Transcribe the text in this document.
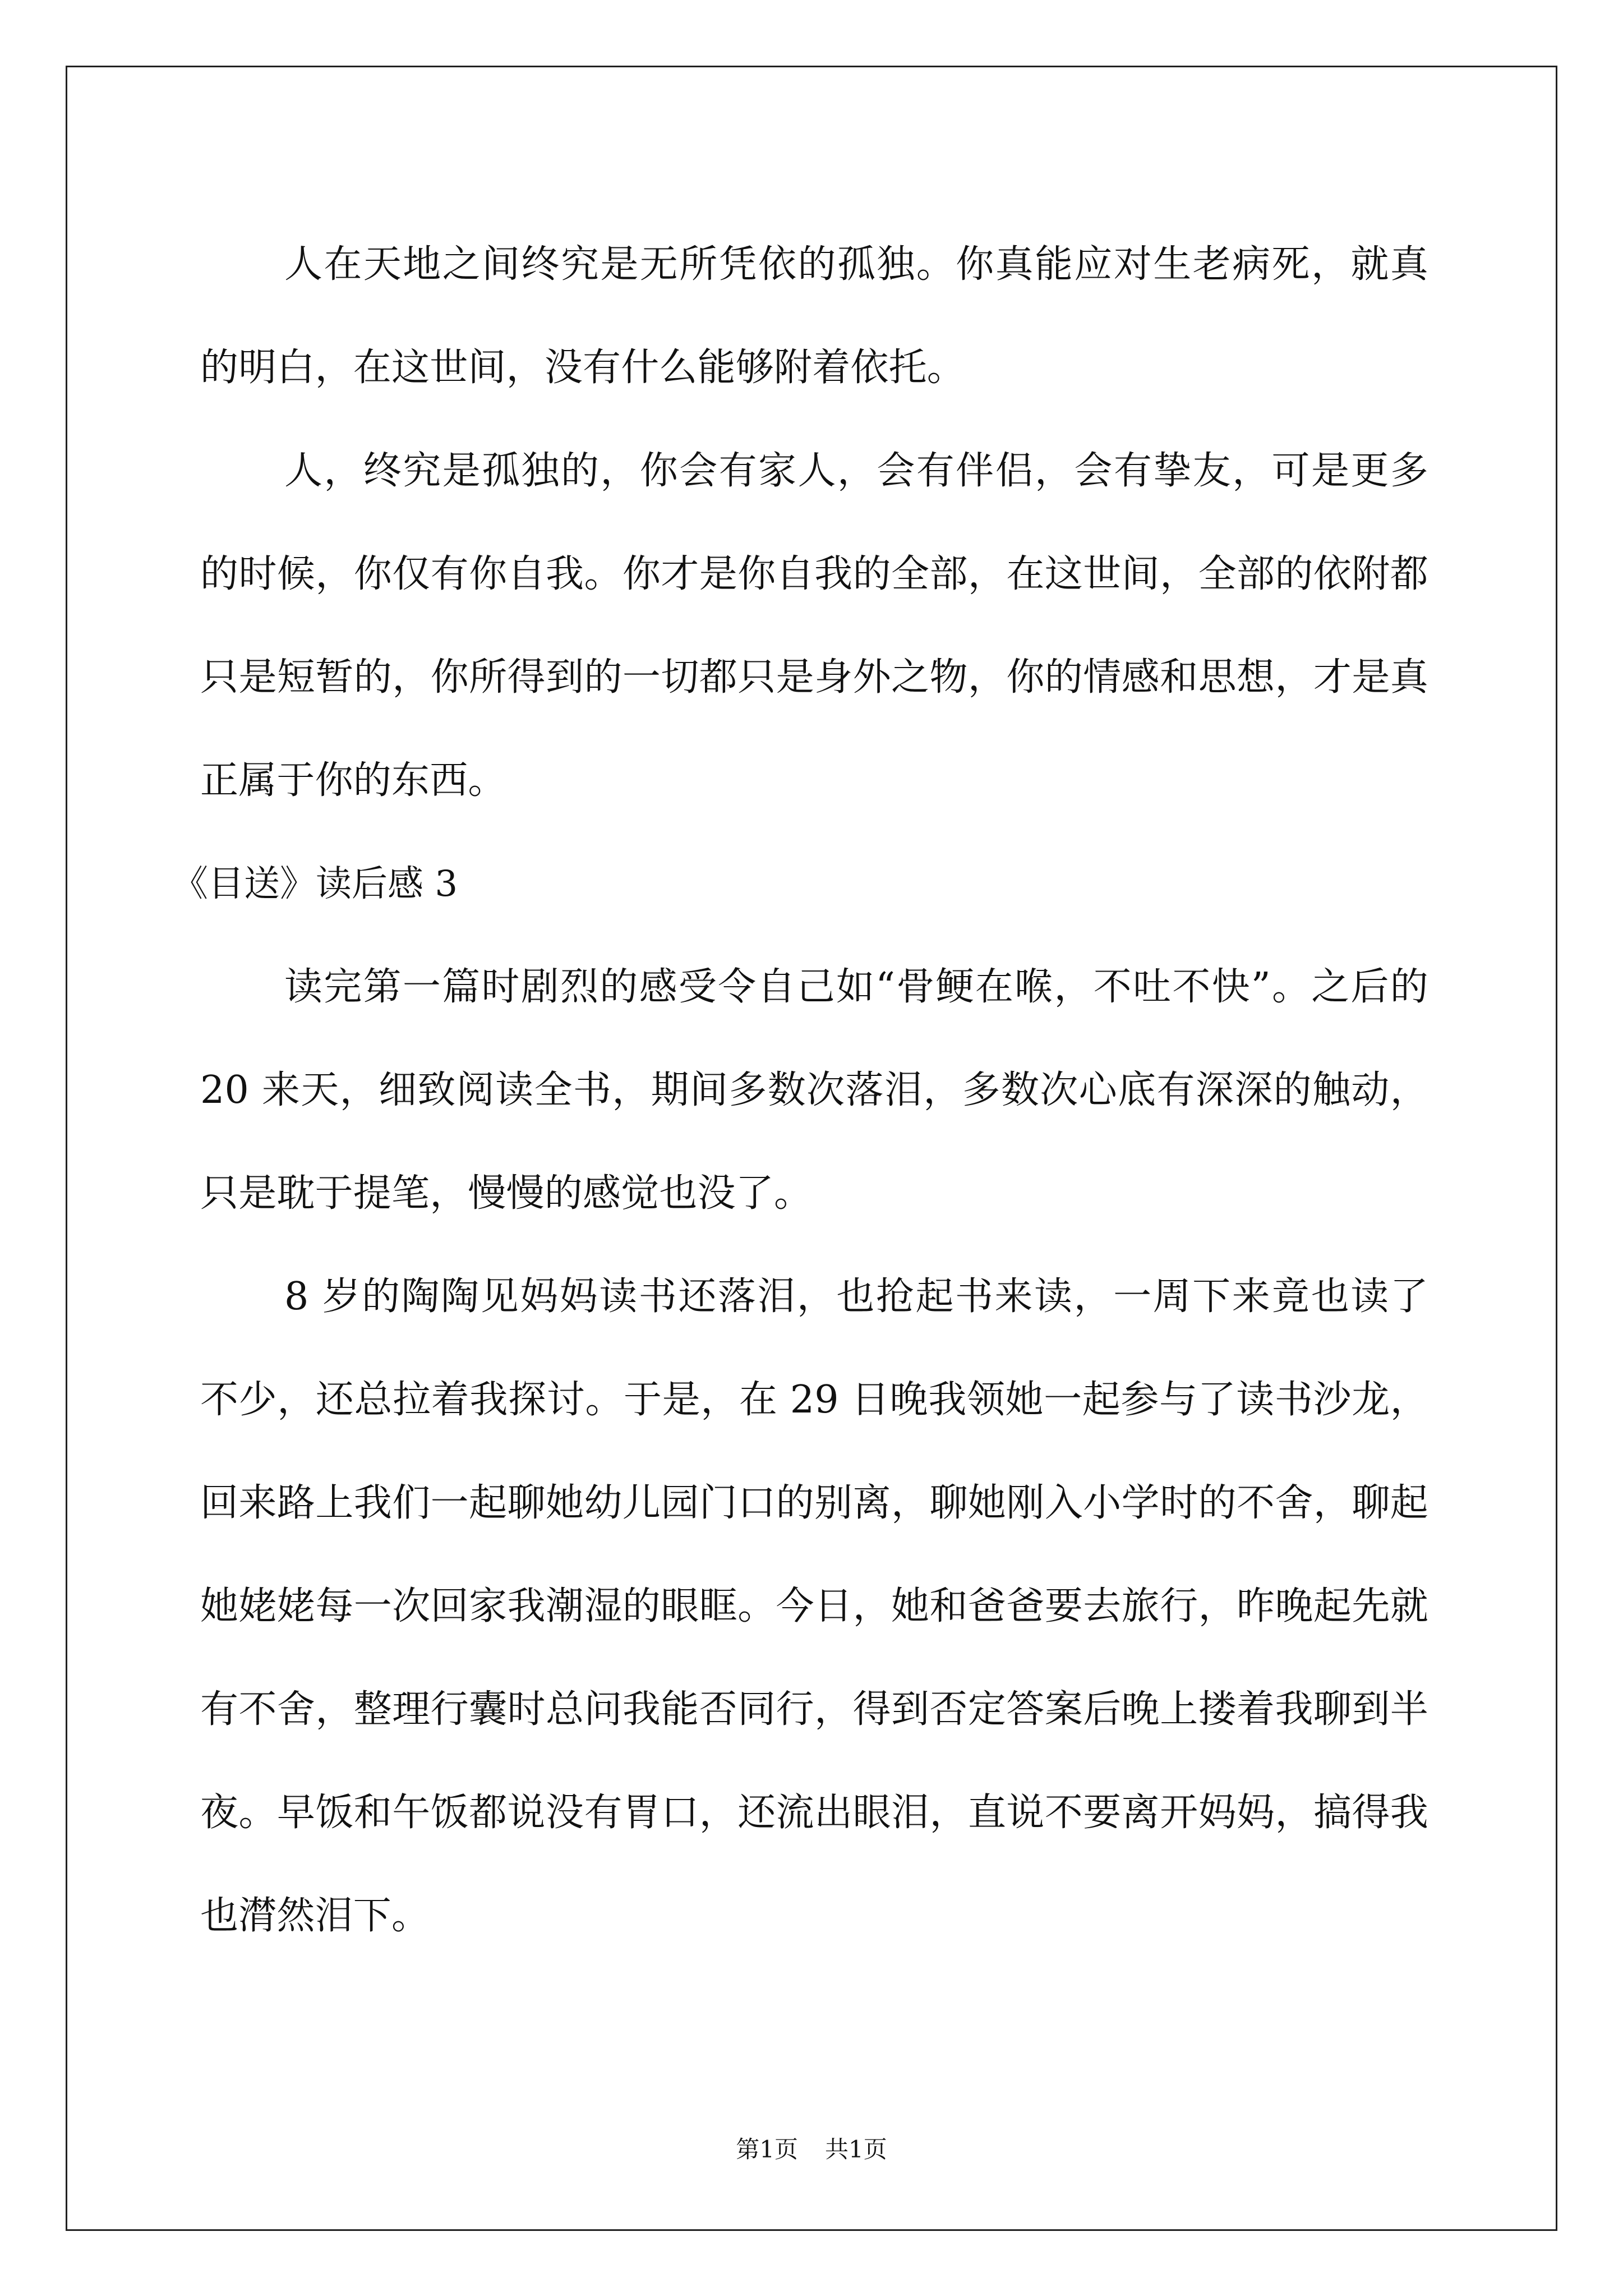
人在天地之间终究是无所凭依的孤独。你真能应对生老病死，就真的明白，在这世间，没有什么能够附着依托。

人，终究是孤独的，你会有家人，会有伴侣，会有挚友，可是更多的时候，你仅有你自我。你才是你自我的全部，在这世间，全部的依附都只是短暂的，你所得到的一切都只是身外之物，你的情感和思想，才是真正属于你的东西。

《目送》读后感 3

读完第一篇时剧烈的感受令自己如“骨鲠在喉，不吐不快”。之后的 20 来天，细致阅读全书，期间多数次落泪，多数次心底有深深的触动，只是耽于提笔，慢慢的感觉也没了。

8 岁的陶陶见妈妈读书还落泪，也抢起书来读，一周下来竟也读了不少，还总拉着我探讨。于是，在 29 日晚我领她一起参与了读书沙龙，回来路上我们一起聊她幼儿园门口的别离，聊她刚入小学时的不舍，聊起她姥姥每一次回家我潮湿的眼眶。今日，她和爸爸要去旅行，昨晚起先就有不舍，整理行囊时总问我能否同行，得到否定答案后晚上搂着我聊到半夜。早饭和午饭都说没有胃口，还流出眼泪，直说不要离开妈妈，搞得我也潸然泪下。

第1页 共1页
